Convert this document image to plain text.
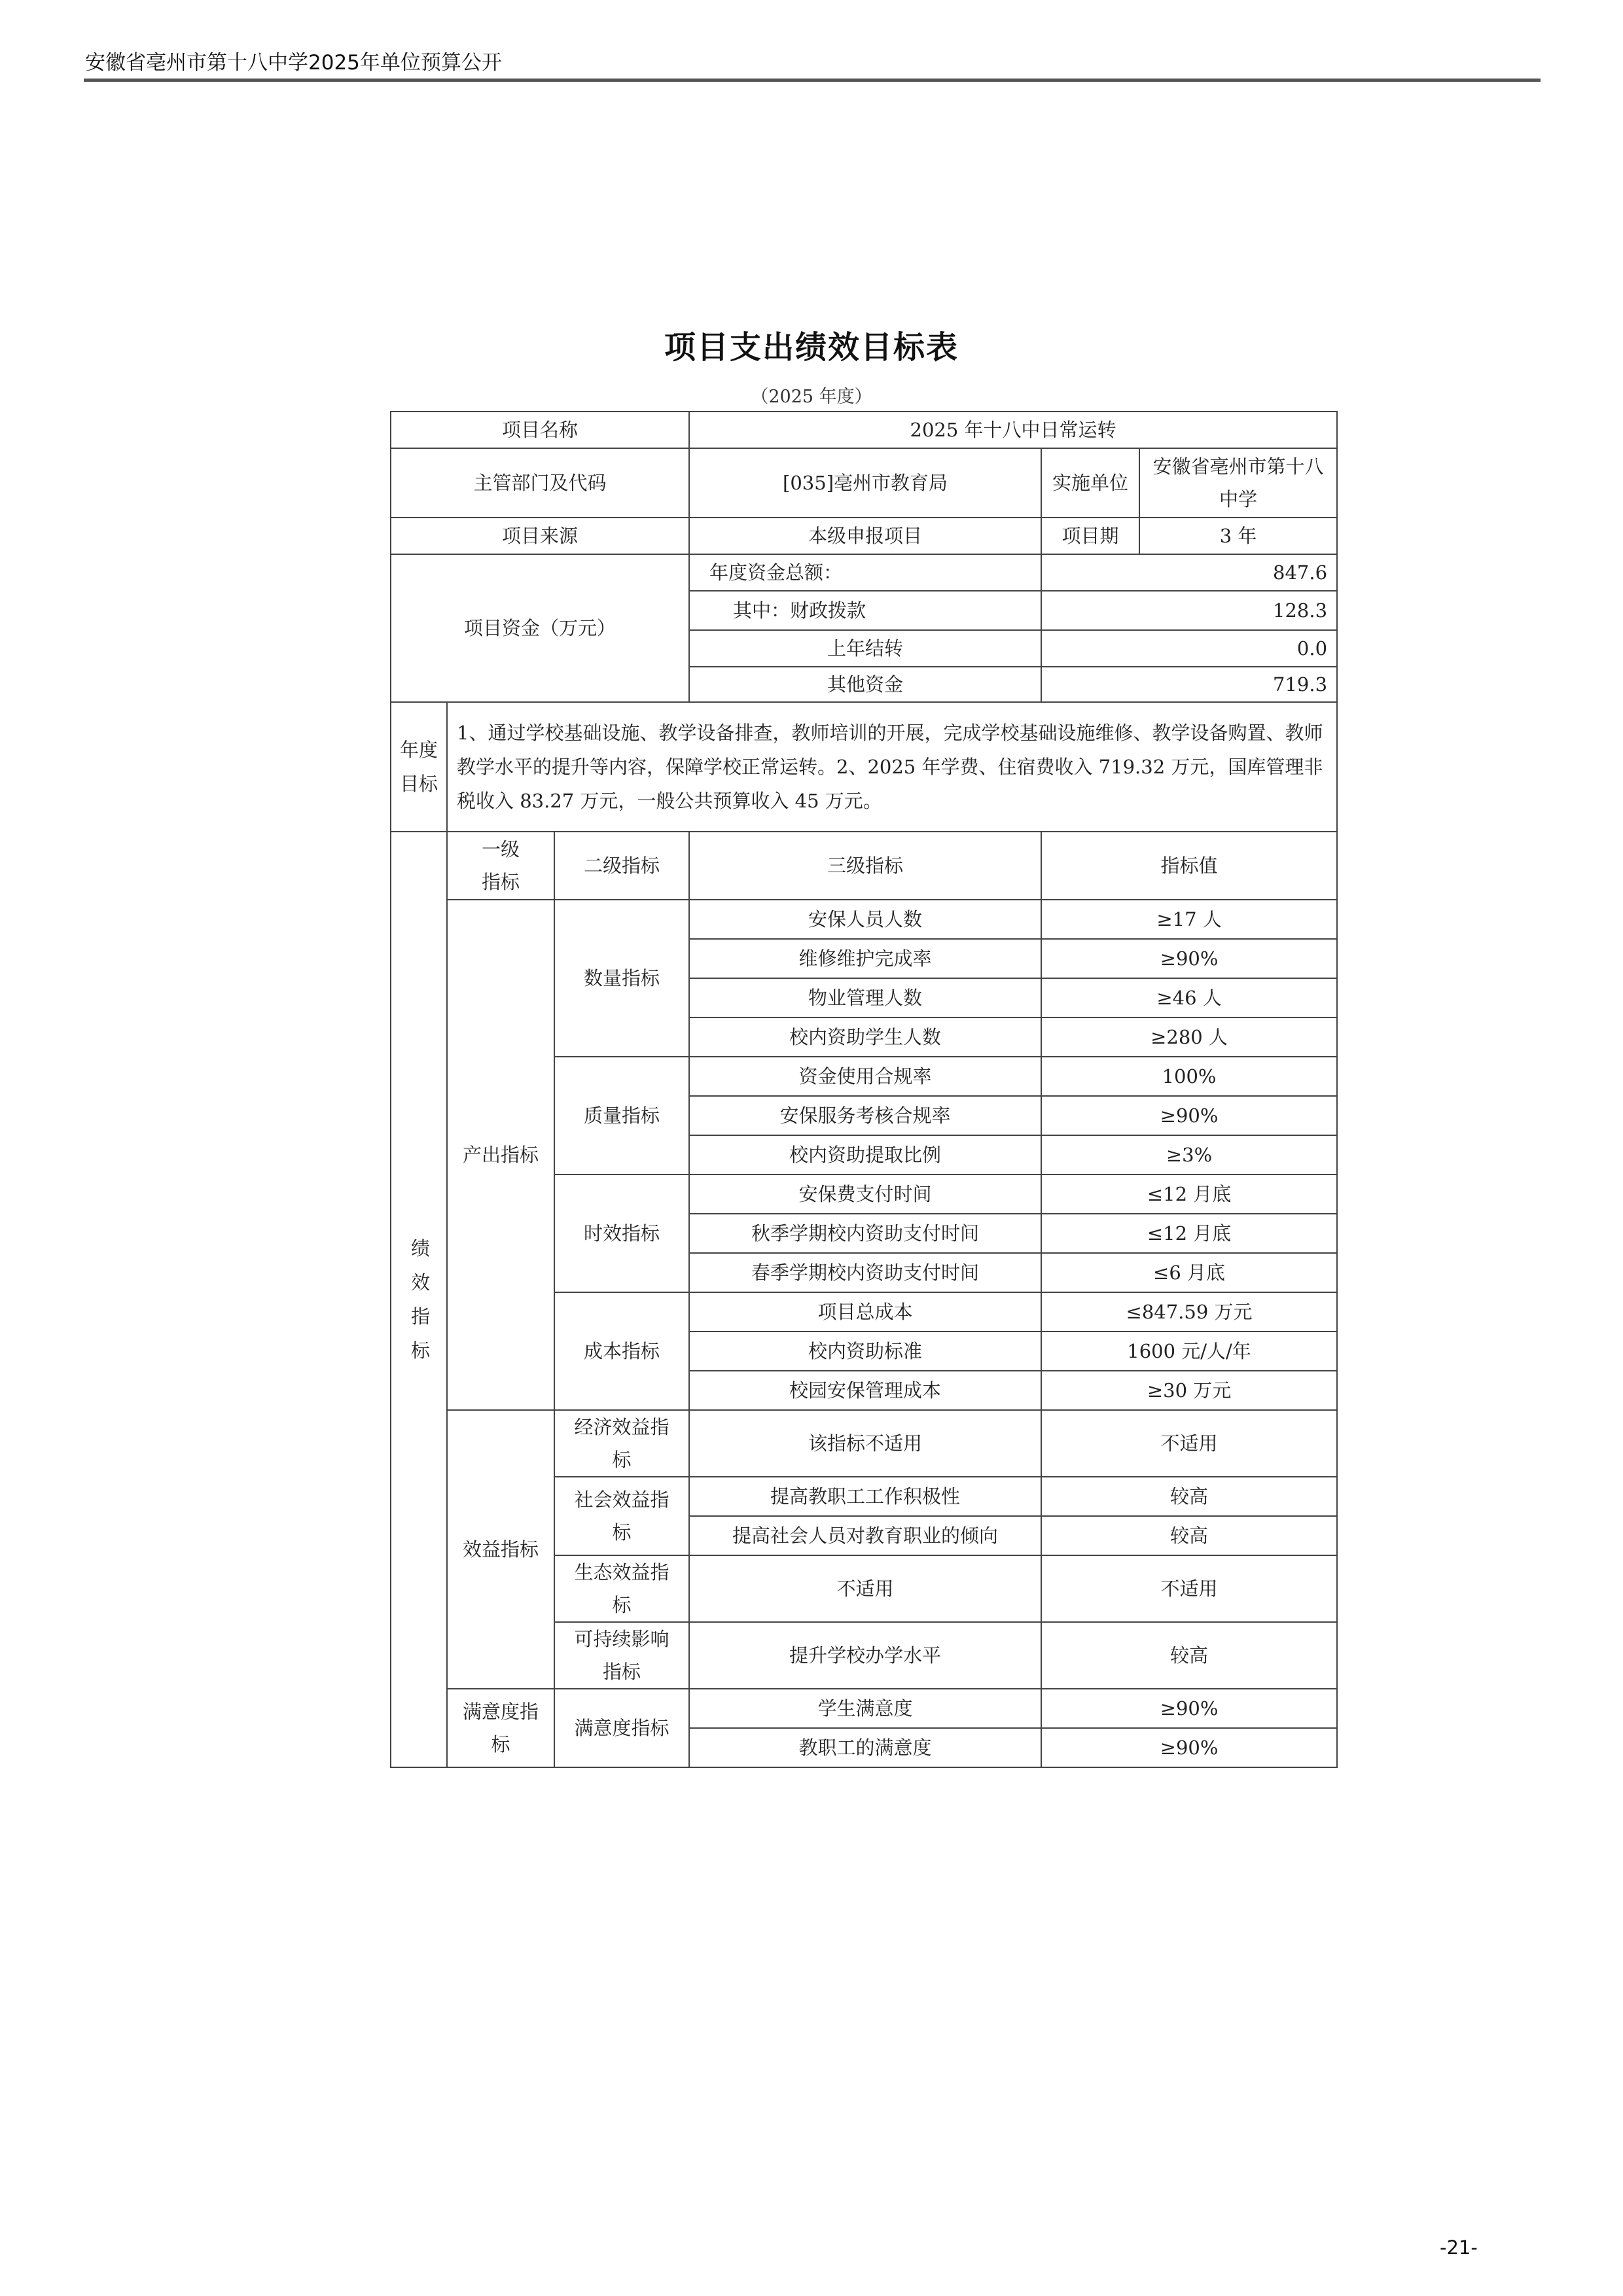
安徽省亳州市第十八中学2025年单位预算公开
项目支出绩效目标表
（2025 年度）
项目名称			2025 年十八中日常运转		
主管部门及代码			[035]亳州市教育局	实施单位	安徽省亳州市第十八中学
项目来源			本级申报项目	项目期	3 年
项目资金（万元）			年度资金总额：	847.6	
			其中：财政拨款	128.3	
			上年结转	0.0	
			其他资金	719.3	
年度目标	1、通过学校基础设施、教学设备排查，教师培训的开展，完成学校基础设施维修、教学设备购置、教师教学水平的提升等内容，保障学校正常运转。2、2025 年学费、住宿费收入 719.32 万元，国库管理非税收入 83.27 万元，一般公共预算收入 45 万元。				
绩效指标	一级指标	二级指标	三级指标	指标值	
	产出指标	数量指标	安保人员人数	≥17 人	
			维修维护完成率	≥90%	
			物业管理人数	≥46 人	
			校内资助学生人数	≥280 人	
		质量指标	资金使用合规率	100%	
			安保服务考核合规率	≥90%	
			校内资助提取比例	≥3%	
		时效指标	安保费支付时间	≤12 月底	
			秋季学期校内资助支付时间	≤12 月底	
			春季学期校内资助支付时间	≤6 月底	
		成本指标	项目总成本	≤847.59 万元	
			校内资助标准	1600 元/人/年	
			校园安保管理成本	≥30 万元	
	效益指标	经济效益指标	该指标不适用	不适用	
		社会效益指标	提高教职工工作积极性	较高	
			提高社会人员对教育职业的倾向	较高	
		生态效益指标	不适用	不适用	

		可持续影响指标	提升学校办学水平	较高	

	满意度指标	满意度指标	学生满意度	≥90%	
			教职工的满意度	≥90%	
-21-
